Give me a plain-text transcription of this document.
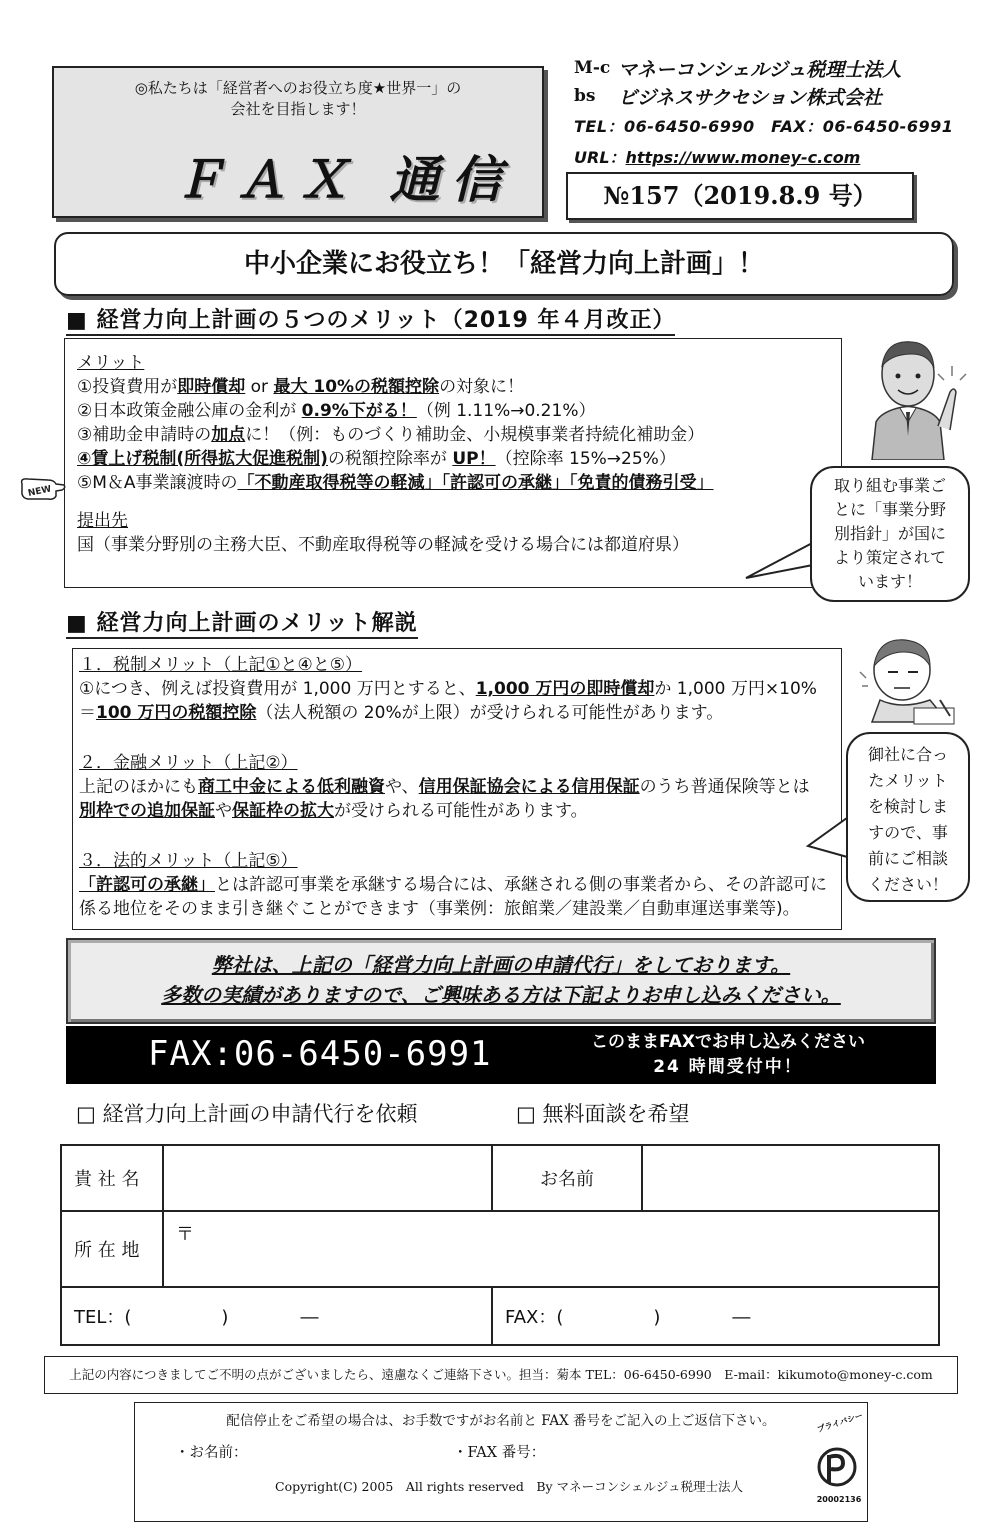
◎私たちは「経営者へのお役立ち度★世界一」の
会社を目指します！
ＦＡＸ 通信
M-c マネーコンシェルジュ税理士法人
bs	ビジネスサクセション株式会社
TEL：06-6450-6990　FAX：06-6450-6991
URL：https://www.money-c.com
№157（2019.8.9 号）
中小企業にお役立ち！「経営力向上計画」！
■ 経営力向上計画の５つのメリット（2019 年４月改正）
メリット
①投資費用が即時償却 or 最大 10%の税額控除の対象に！
②日本政策金融公庫の金利が 0.9%下がる！（例 1.11%→0.21%）
③補助金申請時の加点に！（例：ものづくり補助金、小規模事業者持続化補助金）
④賃上げ税制(所得拡大促進税制)の税額控除率が UP！（控除率 15%→25%）
⑤M＆A事業譲渡時の「不動産取得税等の軽減」「許認可の承継」「免責的債務引受」
提出先
国（事業分野別の主務大臣、不動産取得税等の軽減を受ける場合には都道府県）
NEW	取り組む事業ご
とに「事業分野
別指針」が国に
より策定されて
います！
■ 経営力向上計画のメリット解説
１．税制メリット（上記①と④と⑤）
①につき、例えば投資費用が 1,000 万円とすると、1,000 万円の即時償却か 1,000 万円×10%
＝100 万円の税額控除（法人税額の 20%が上限）が受けられる可能性があります。
２．金融メリット（上記②）
上記のほかにも商工中金による低利融資や、信用保証協会による信用保証のうち普通保険等とは
別枠での追加保証や保証枠の拡大が受けられる可能性があります。
３．法的メリット（上記⑤）
「許認可の承継」とは許認可事業を承継する場合には、承継される側の事業者から、その許認可に
係る地位をそのまま引き継ぐことができます（事業例：旅館業／建設業／自動車運送事業等)。
御社に合っ
たメリット
を検討しま
すので、事
前にご相談
ください！
弊社は、上記の「経営力向上計画の申請代行」をしております。
多数の実績がありますので、ご興味ある方は下記よりお申し込みください。
FAX:06-6450-6991	このままFAXでお申し込みください
24 時間受付中！
□ 経営力向上計画の申請代行を依頼	□ 無料面談を希望
貴 社 名		お名前	
所 在 地	〒		
TEL：(　　　　　)　　　　―		FAX：(　　　　　)　　　　―	
上記の内容につきましてご不明の点がございましたら、遠慮なくご連絡下さい。担当：菊本 TEL：06-6450-6990　E-mail：kikumoto@money-c.com
配信停止をご希望の場合は、お手数ですがお名前と FAX 番号をご記入の上ご返信下さい。
・お名前：	・FAX 番号：
Copyright(C) 2005　All rights reserved　By マネーコンシェルジュ税理士法人
プライバシー
20002136
